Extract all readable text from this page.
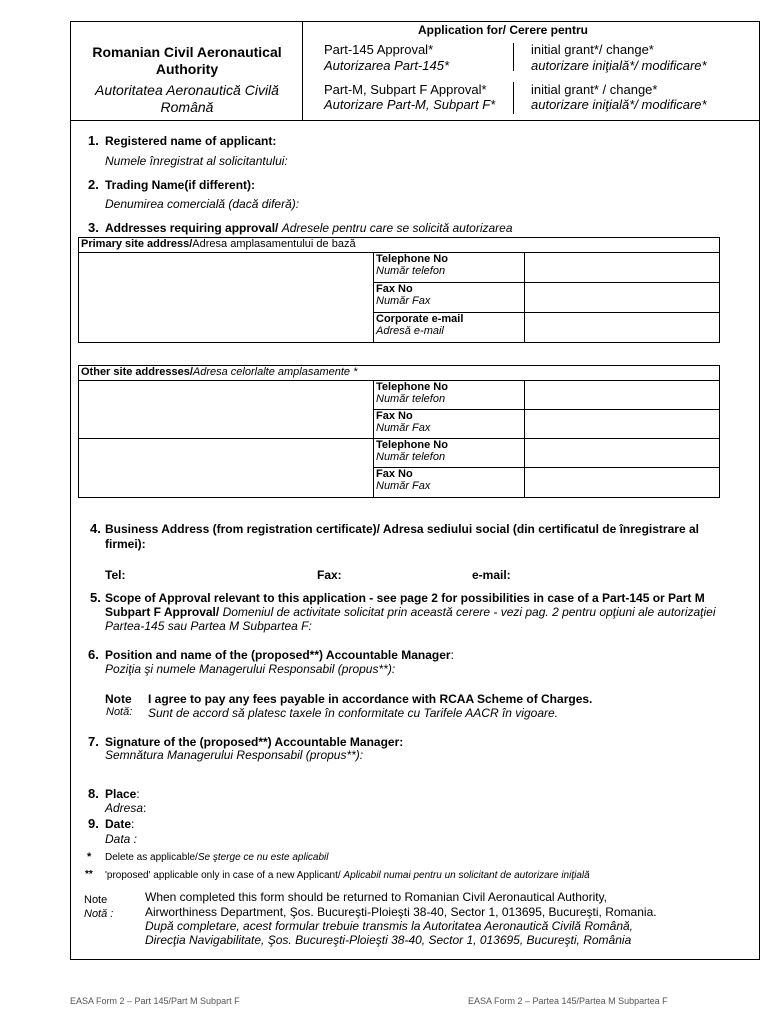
Romanian Civil Aeronautical Authority
Autoritatea Aeronautică Civilă Română
Application for/ Cerere pentru
Part-145 Approval*
Autorizarea Part-145*
initial grant*/ change*
autorizare iniţială*/ modificare*
Part-M, Subpart F Approval*
Autorizare Part-M, Subpart F*
initial grant* / change*
autorizare iniţială*/ modificare*
1. Registered name of applicant:
Numele înregistrat al solicitantului:
2. Trading Name(if different):
Denumirea comercială (dacă diferă):
3. Addresses requiring approval/ Adresele pentru care se solicită autorizarea
Primary site address/Adresa amplasamentului de bază		

	Telephone No
Număr telefon	

	Fax No
Număr Fax	

	Corporate e-mail
Adresă e-mail	

Other site addresses/Adresa celorlalte amplasamente *		

	Telephone No
Număr telefon	

	Fax No
Număr Fax	

	Telephone No
Număr telefon	

	Fax No
Număr Fax	

4. Business Address (from registration certificate)/ Adresa sediului social (din certificatul de înregistrare al firmei):
Tel:	Fax:	e-mail:
5. Scope of Approval relevant to this application - see page 2 for possibilities in case of a Part-145 or Part M Subpart F Approval/ Domeniul de activitate solicitat prin această cerere - vezi pag. 2 pentru opţiuni ale autorizaţiei Partea-145 sau Partea M Subpartea F:
6. Position and name of the (proposed**) Accountable Manager:
Poziţia şi numele Managerului Responsabil (propus**):
Note I agree to pay any fees payable in accordance with RCAA Scheme of Charges.
Notă: Sunt de accord să platesc taxele în conformitate cu Tarifele AACR în vigoare.
7. Signature of the (proposed**) Accountable Manager:
Semnătura Managerului Responsabil (propus**):
8. Place:
Adresa:
9. Date:
Data :
* Delete as applicable/Se şterge ce nu este aplicabil
** 'proposed' applicable only in case of a new Applicant/ Aplicabil numai pentru un solicitant de autorizare iniţială
Note
Notă :
When completed this form should be returned to Romanian Civil Aeronautical Authority,
Airworthiness Department, Şos. Bucureşti-Ploieşti 38-40, Sector 1, 013695, Bucureşti, Romania.
După completare, acest formular trebuie transmis la Autoritatea Aeronautică Civilă Română,
Direcţia Navigabilitate, Şos. Bucureşti-Ploieşti 38-40, Sector 1, 013695, Bucureşti, România
EASA Form 2 – Part 145/Part M Subpart F	EASA Form 2 – Partea 145/Partea M Subpartea F
